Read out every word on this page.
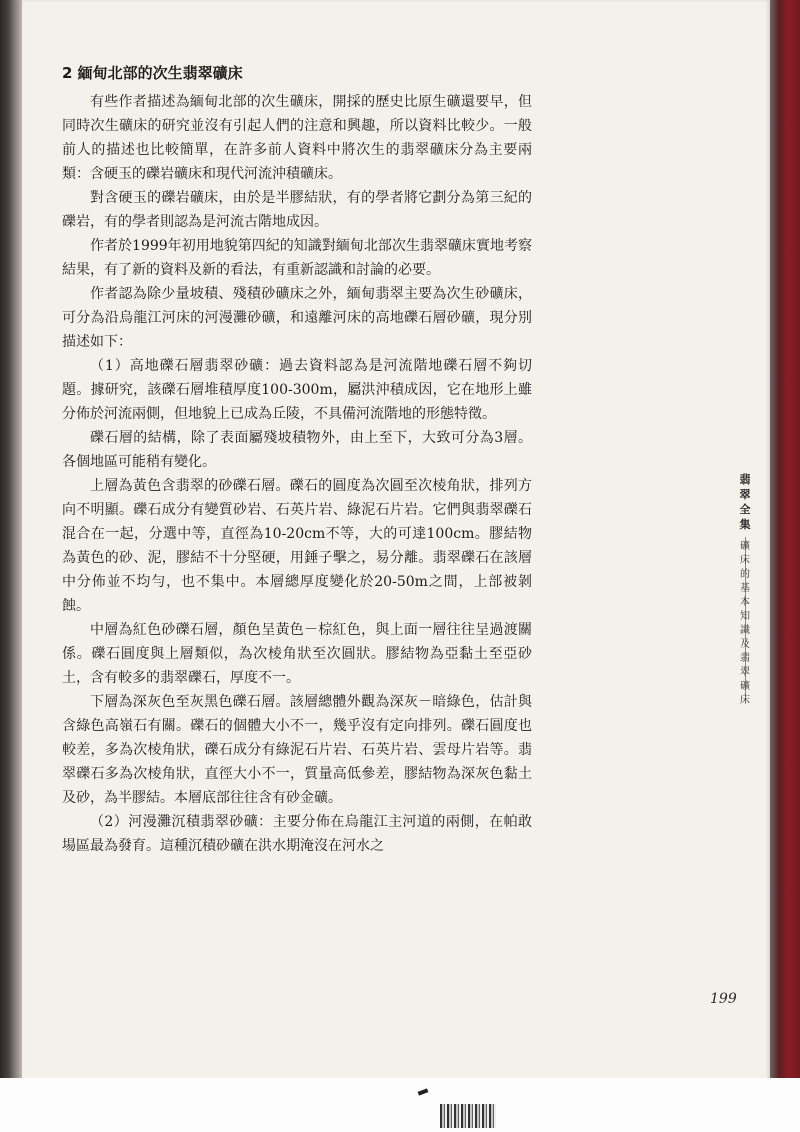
2 緬甸北部的次生翡翠礦床

有些作者描述為緬甸北部的次生礦床，開採的歷史比原生礦還要早，但同時次生礦床的研究並沒有引起人們的注意和興趣，所以資料比較少。一般前人的描述也比較簡單，在許多前人資料中將次生的翡翠礦床分為主要兩類：含硬玉的礫岩礦床和現代河流沖積礦床。

對含硬玉的礫岩礦床，由於是半膠結狀，有的學者將它劃分為第三紀的礫岩，有的學者則認為是河流古階地成因。

作者於1999年初用地貌第四紀的知識對緬甸北部次生翡翠礦床實地考察結果，有了新的資料及新的看法，有重新認識和討論的必要。

作者認為除少量坡積、殘積砂礦床之外，緬甸翡翠主要為次生砂礦床，可分為沿烏龍江河床的河漫灘砂礦，和遠離河床的高地礫石層砂礦，現分別描述如下：

（1）高地礫石層翡翠砂礦：過去資料認為是河流階地礫石層不夠切題。據研究，該礫石層堆積厚度100-300m，屬洪沖積成因，它在地形上雖分佈於河流兩側，但地貌上已成為丘陵，不具備河流階地的形態特徵。

礫石層的結構，除了表面屬殘坡積物外，由上至下，大致可分為3層。各個地區可能稍有變化。

上層為黃色含翡翠的砂礫石層。礫石的圓度為次圓至次棱角狀，排列方向不明顯。礫石成分有變質砂岩、石英片岩、綠泥石片岩。它們與翡翠礫石混合在一起，分選中等，直徑為10-20cm不等，大的可達100cm。膠結物為黃色的砂、泥，膠結不十分堅硬，用錘子擊之，易分離。翡翠礫石在該層中分佈並不均勻，也不集中。本層總厚度變化於20-50m之間，上部被剝蝕。

中層為紅色砂礫石層，顏色呈黃色－棕紅色，與上面一層往往呈過渡關係。礫石圓度與上層類似，為次棱角狀至次圓狀。膠結物為亞黏土至亞砂土，含有較多的翡翠礫石，厚度不一。

下層為深灰色至灰黑色礫石層。該層總體外觀為深灰－暗綠色，估計與含綠色高嶺石有關。礫石的個體大小不一，幾乎沒有定向排列。礫石圓度也較差，多為次棱角狀，礫石成分有綠泥石片岩、石英片岩、雲母片岩等。翡翠礫石多為次棱角狀，直徑大小不一，質量高低參差，膠結物為深灰色黏土及砂，為半膠結。本層底部往往含有砂金礦。

（2）河漫灘沉積翡翠砂礦：主要分佈在烏龍江主河道的兩側，在帕敢場區最為發育。這種沉積砂礦在洪水期淹沒在河水之

翡翠全集
礦床的基本知識及翡翠礦床
199
